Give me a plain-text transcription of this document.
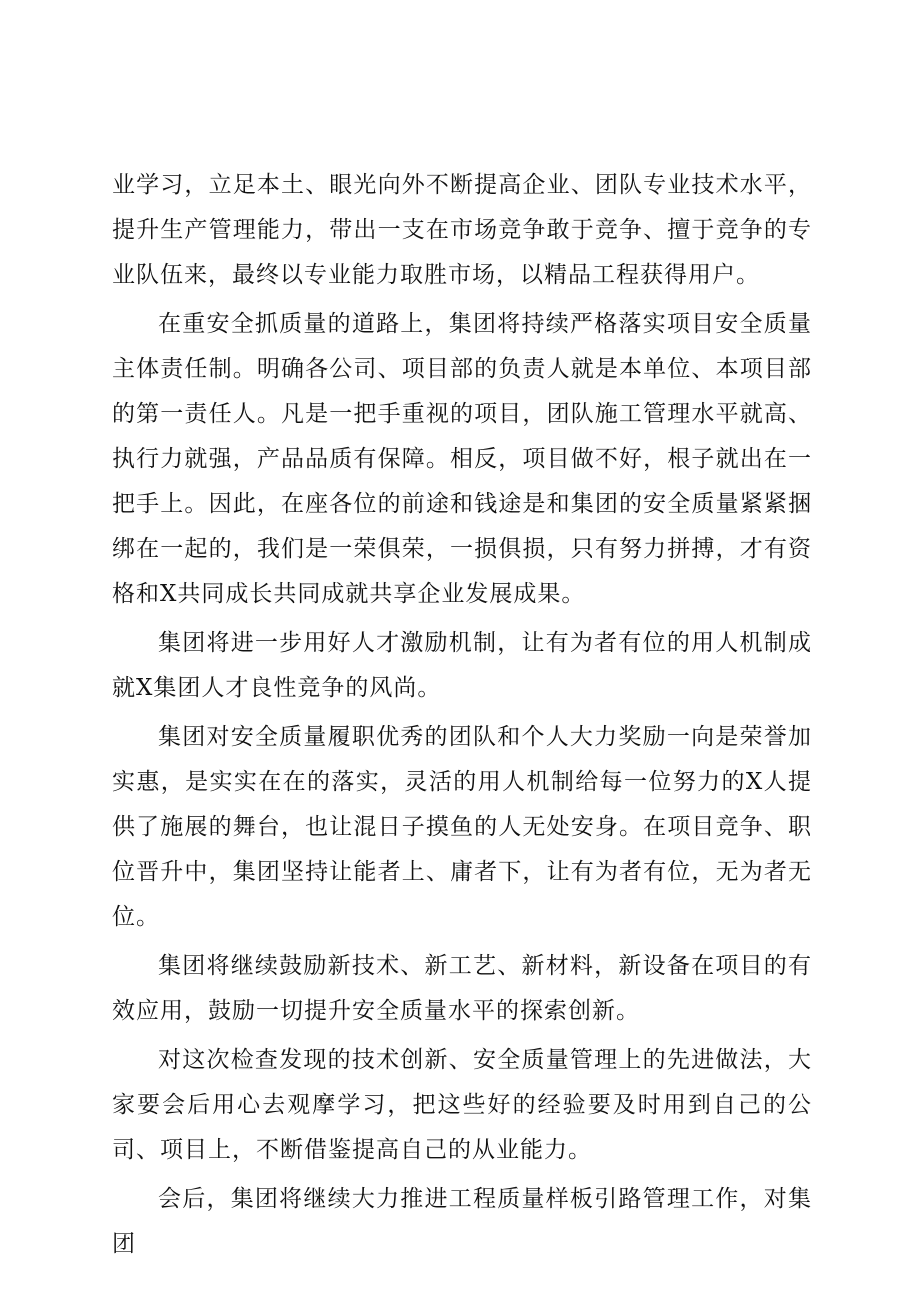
业学习，立足本土、眼光向外不断提高企业、团队专业技术水平，提升生产管理能力，带出一支在市场竞争敢于竞争、擅于竞争的专业队伍来，最终以专业能力取胜市场，以精品工程获得用户。

在重安全抓质量的道路上，集团将持续严格落实项目安全质量主体责任制。明确各公司、项目部的负责人就是本单位、本项目部的第一责任人。凡是一把手重视的项目，团队施工管理水平就高、执行力就强，产品品质有保障。相反，项目做不好，根子就出在一把手上。因此，在座各位的前途和钱途是和集团的安全质量紧紧捆绑在一起的，我们是一荣俱荣，一损俱损，只有努力拼搏，才有资格和X共同成长共同成就共享企业发展成果。

集团将进一步用好人才激励机制，让有为者有位的用人机制成就X集团人才良性竞争的风尚。

集团对安全质量履职优秀的团队和个人大力奖励一向是荣誉加实惠，是实实在在的落实，灵活的用人机制给每一位努力的X人提供了施展的舞台，也让混日子摸鱼的人无处安身。在项目竞争、职位晋升中，集团坚持让能者上、庸者下，让有为者有位，无为者无位。

集团将继续鼓励新技术、新工艺、新材料，新设备在项目的有效应用，鼓励一切提升安全质量水平的探索创新。

对这次检查发现的技术创新、安全质量管理上的先进做法，大家要会后用心去观摩学习，把这些好的经验要及时用到自己的公司、项目上，不断借鉴提高自己的从业能力。

会后，集团将继续大力推进工程质量样板引路管理工作，对集团
